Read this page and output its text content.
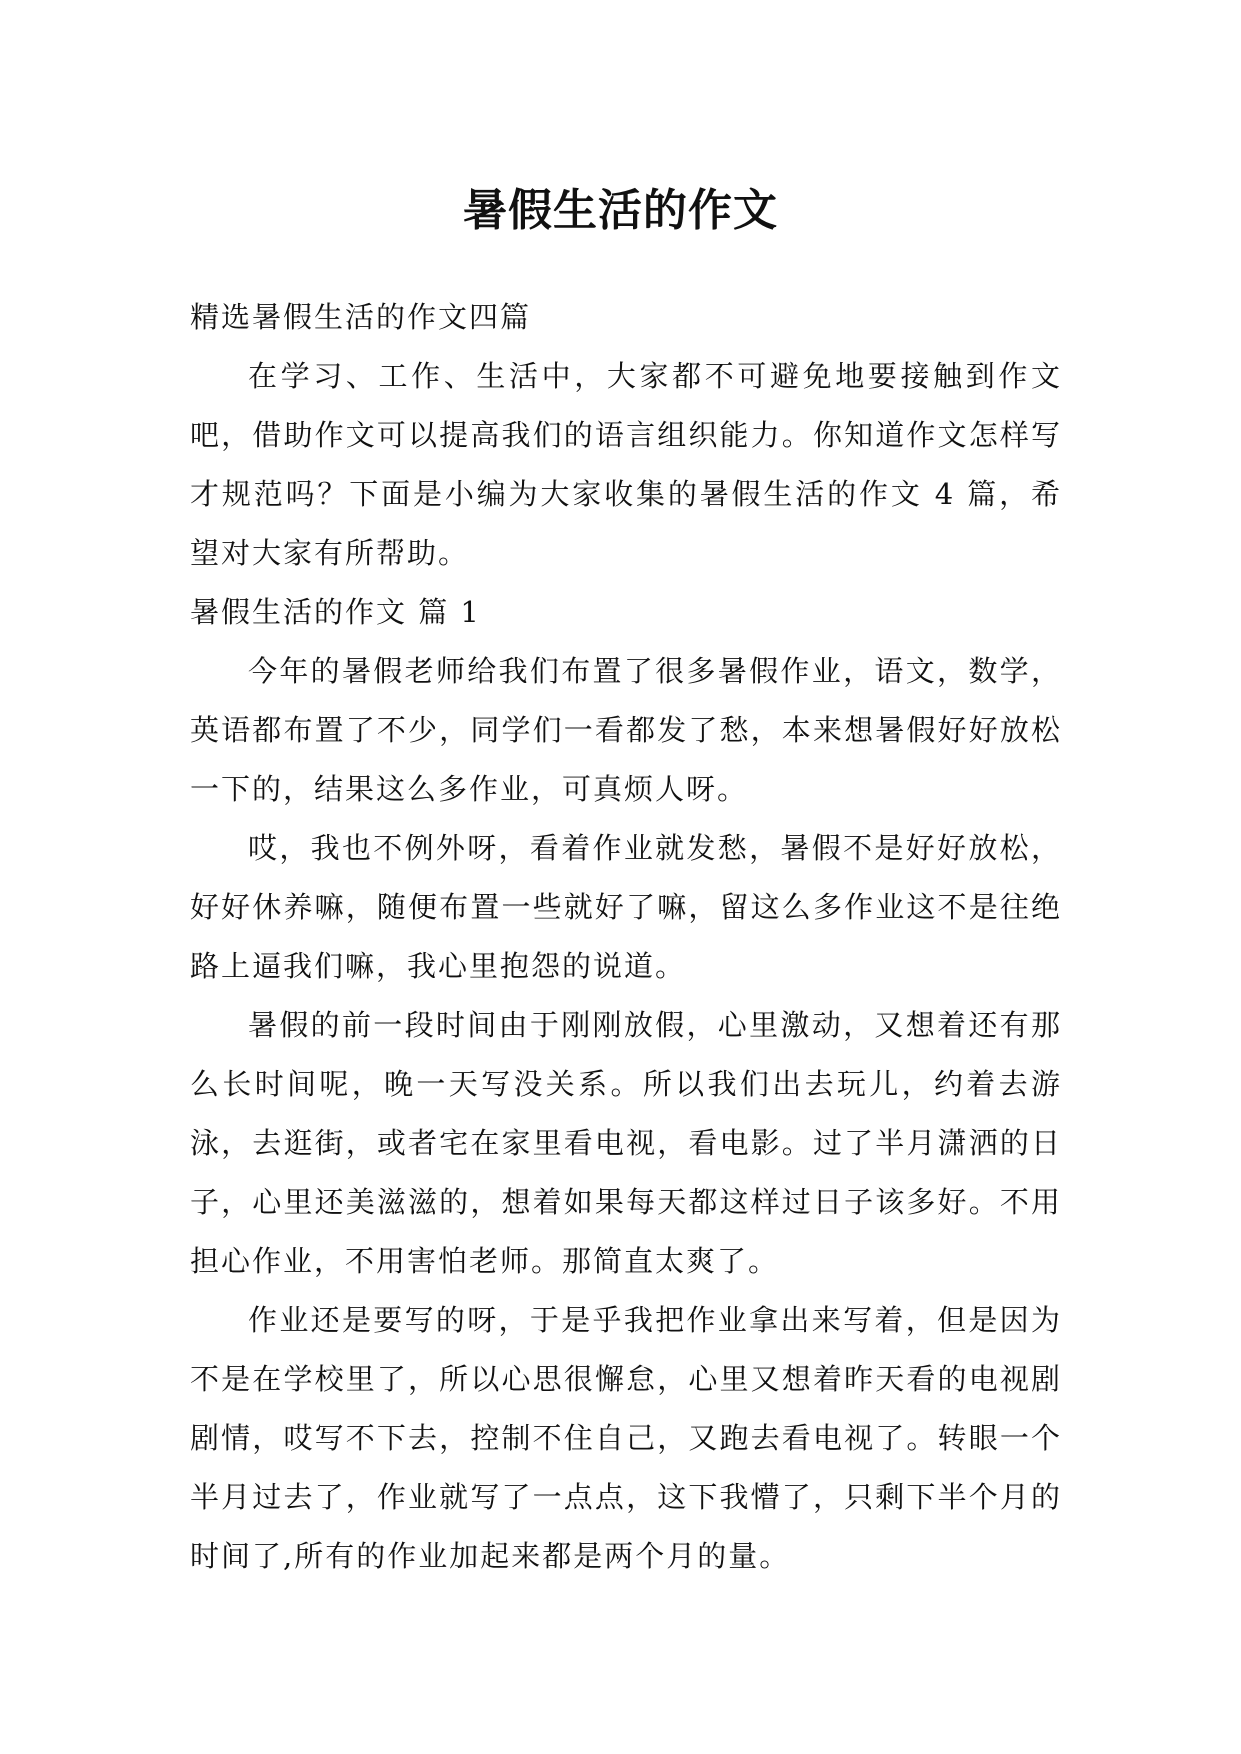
暑假生活的作文

精选暑假生活的作文四篇

在学习、工作、生活中，大家都不可避免地要接触到作文吧，借助作文可以提高我们的语言组织能力。你知道作文怎样写才规范吗？下面是小编为大家收集的暑假生活的作文 4 篇，希望对大家有所帮助。

暑假生活的作文 篇 1

今年的暑假老师给我们布置了很多暑假作业，语文，数学，英语都布置了不少，同学们一看都发了愁，本来想暑假好好放松一下的，结果这么多作业，可真烦人呀。

哎，我也不例外呀，看着作业就发愁，暑假不是好好放松，好好休养嘛，随便布置一些就好了嘛，留这么多作业这不是往绝路上逼我们嘛，我心里抱怨的说道。

暑假的前一段时间由于刚刚放假，心里激动，又想着还有那么长时间呢，晚一天写没关系。所以我们出去玩儿，约着去游泳，去逛街，或者宅在家里看电视，看电影。过了半月潇洒的日子，心里还美滋滋的，想着如果每天都这样过日子该多好。不用担心作业，不用害怕老师。那简直太爽了。

作业还是要写的呀，于是乎我把作业拿出来写着，但是因为不是在学校里了，所以心思很懈怠，心里又想着昨天看的电视剧剧情，哎写不下去，控制不住自己，又跑去看电视了。转眼一个半月过去了，作业就写了一点点，这下我懵了，只剩下半个月的时间了,所有的作业加起来都是两个月的量。
